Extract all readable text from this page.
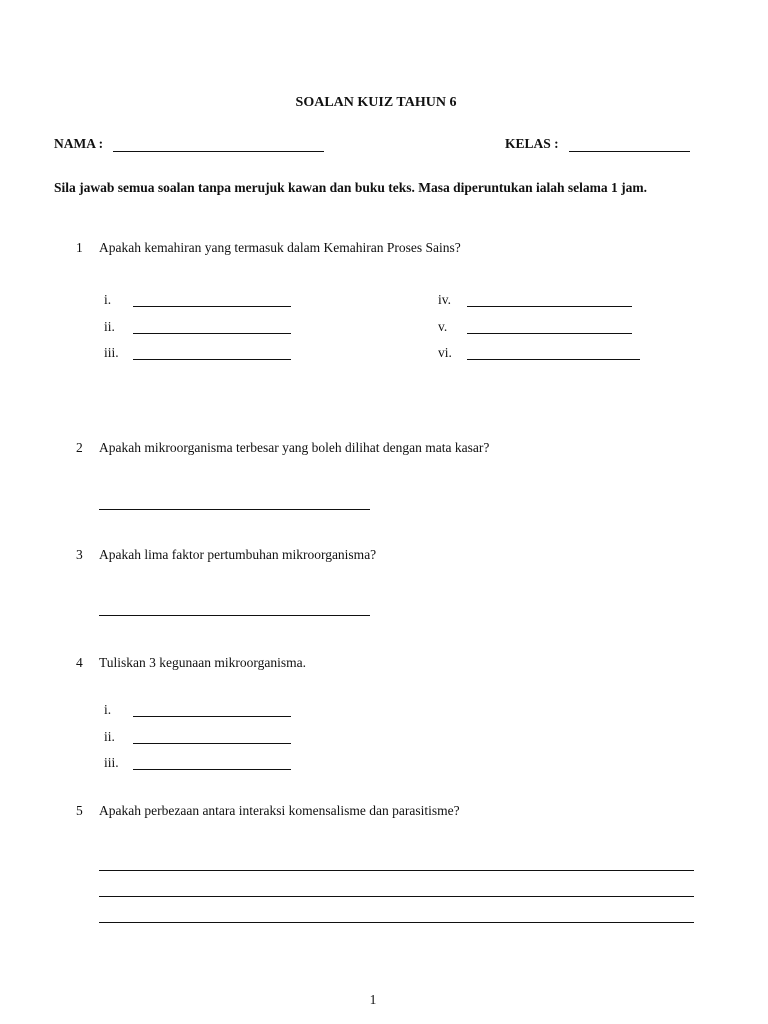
SOALAN KUIZ TAHUN 6
NAMA :	KELAS :
Sila jawab semua soalan tanpa merujuk kawan dan buku teks. Masa diperuntukan ialah selama 1 jam.
1 Apakah kemahiran yang termasuk dalam Kemahiran Proses Sains?
i.
ii.
iii.
iv.
v.
vi.
2 Apakah mikroorganisma terbesar yang boleh dilihat dengan mata kasar?
3 Apakah lima faktor pertumbuhan mikroorganisma?
4 Tuliskan 3 kegunaan mikroorganisma.
i.
ii.
iii.
5 Apakah perbezaan antara interaksi komensalisme dan parasitisme?
1
